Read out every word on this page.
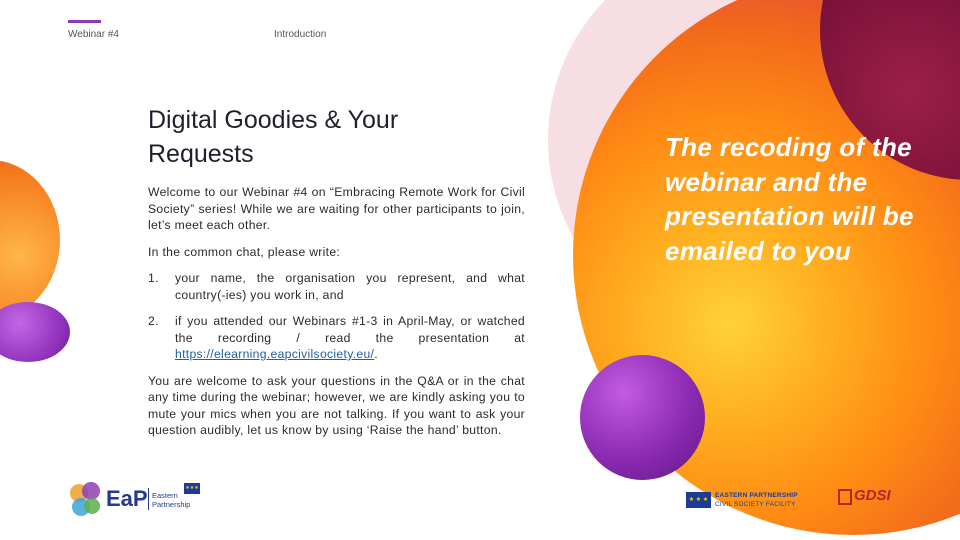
Webinar #4	Introduction
Digital Goodies & Your Requests

Welcome to our Webinar #4 on “Embracing Remote Work for Civil Society” series! While we are waiting for other participants to join, let’s meet each other.

In the common chat, please write:

1. your name, the organisation you represent, and what country(-ies) you work in, and
2. if you attended our Webinars #1-3 in April-May, or watched the recording / read the presentation at https://elearning.eapcivilsociety.eu/.

You are welcome to ask your questions in the Q&A or in the chat any time during the webinar; however, we are kindly asking you to mute your mics when you are not talking. If you want to ask your question audibly, let us know by using ‘Raise the hand’ button.

The recoding of the webinar and the presentation will be emailed to you
EaP Eastern
Partnership
★★★
★ ★ ★
EASTERN PARTNERSHIP
CIVIL SOCIETY FACILITY
GDSI
